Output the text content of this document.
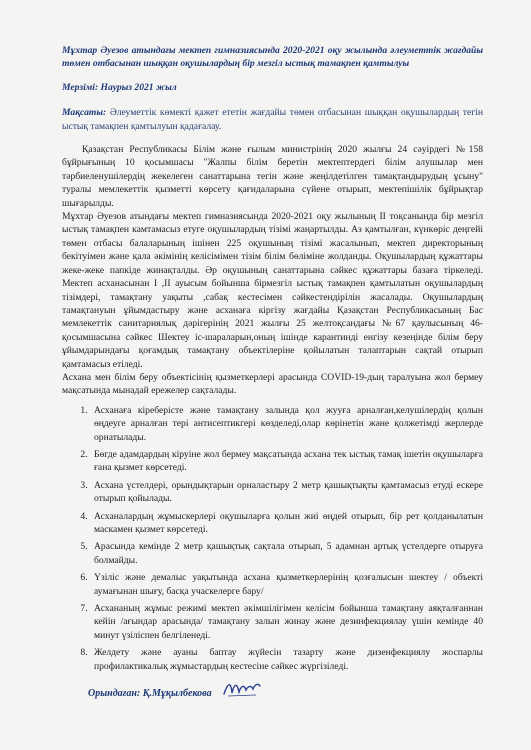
Мұхтар Әуезов атындағы мектеп гимназиясында 2020-2021 оқу жылында әлеуметтік жағдайы төмен отбасынан шыққан оқушылардың бір мезгіл ыстық тамақпен қамтылуы
Мерзімі: Наурыз 2021 жыл
Мақсаты: Әлеуметтік көмекті қажет ететін жағдайы төмен отбасынан шыққан оқушылардың тегін ыстық тамақпен қамтылуын қадағалау.

Қазақстан Республикасы Білім және ғылым министрінің 2020 жылғы 24 сәуірдегі №158 бұйрығының 10 қосымшасы "Жалпы білім беретін мектептердегі білім алушылар мен тәрбиеленушілердің жекелеген санаттарына тегін және жеңілдетілген тамақтандырудың ұсыну" туралы мемлекеттік қызметті көрсету қағидаларына сүйене отырып, мектепішілік бұйрықтар шығарылды.

Мұхтар Әуезов атындағы мектеп гимназиясында 2020-2021 оқу жылының ІІ тоқсанында бір мезгіл ыстық тамақпен камтамасыз етуге оқушылардың тізімі жаңартылды. Аз қамтылған, күнкөріс деңгейі төмен отбасы балаларының ішінен 225 оқушының тізімі жасалынып, мектеп директорының бекітуімен және қала әкімінің келісімімен тізім білім бөліміне жолданды. Оқушылардың құжаттары жеке-жеке папкіде жинақталды. Әр оқушының санаттарына сәйкес құжаттары базаға тіркеледі. Мектеп асханасынан І ,ІІ ауысым бойынша бірмезгіл ыстық тамақпен қамтылатын оқушылардың тізімдері, тамақтану уақыты ,сабақ кестесімен сәйкестендірілін жасалады. Оқушылардың тамақтануын ұйымдастыру және асханаға кіргізу жағдайы Қазақстан Республикасының Бас мемлекеттік санитариялық дәрігерінің 2021 жылғы 25 желтоқсандағы №67 қаулысының 46- қосымшасына сәйкес Шектеу іс-шараларын,оның ішінде карантинді енгізу кезеңінде білім беру ұйымдарындағы қоғамдық тамақтану объектілеріне қойылатын талаптарын сақтай отырып қамтамасыз етіледі.

Асхана мен білім беру объектісінің қызметкерлері арасында COVID-19-дың таралуына жол бермеу мақсатында мынадай ережелер сақталады.

1. Асханаға кіреберісте және тамақтану залында қол жууға арналған,келушілердің қолын өңдеуге арналған тері антисептикгері көзделеді,олар көрінетін және қолжетімді жерлерде орнатылады.
2. Бөгде адамдардың кіруіне жол бермеу мақсатында асхана тек ыстық тамақ ішетін оқушыларға ғана қызмет көрсетеді.
3. Асхана үстелдері, орындықтарын орналастыру 2 метр қашықтықты қамтамасыз етуді ескере отырып қойылады.
4. Асханалардың жұмыскерлері оқушыларға қолын жиі өңдей отырып, бір рет қолданылатын маскамен қызмет көрсетеді.
5. Арасында кемінде 2 метр қашықтық сақтала отырып, 5 адамнан артық үстелдерге отыруға болмайды.
6. Үзіліс және демалыс уақытында асхана қызметкерлерінің қозғалысын шектеу / объекті аумағынан шығу, басқа учаскелерге бару/
7. Асхананың жұмыс режимі мектеп әкімшілігімен келісім бойынша тамақтану аяқталғаннан кейін /ағындар арасында/ тамақтану залын жинау және дезинфекциялау үшін кемінде 40 минут үзіліспен белгіленеді.
8. Желдету және ауаны баптау жүйесін тазарту және дизенфекциялу жоспарлы профилактикалық жұмыстардың кестесіне сәйкес жүргізіледі.
Орындаған: Қ.Мұқылбекова
